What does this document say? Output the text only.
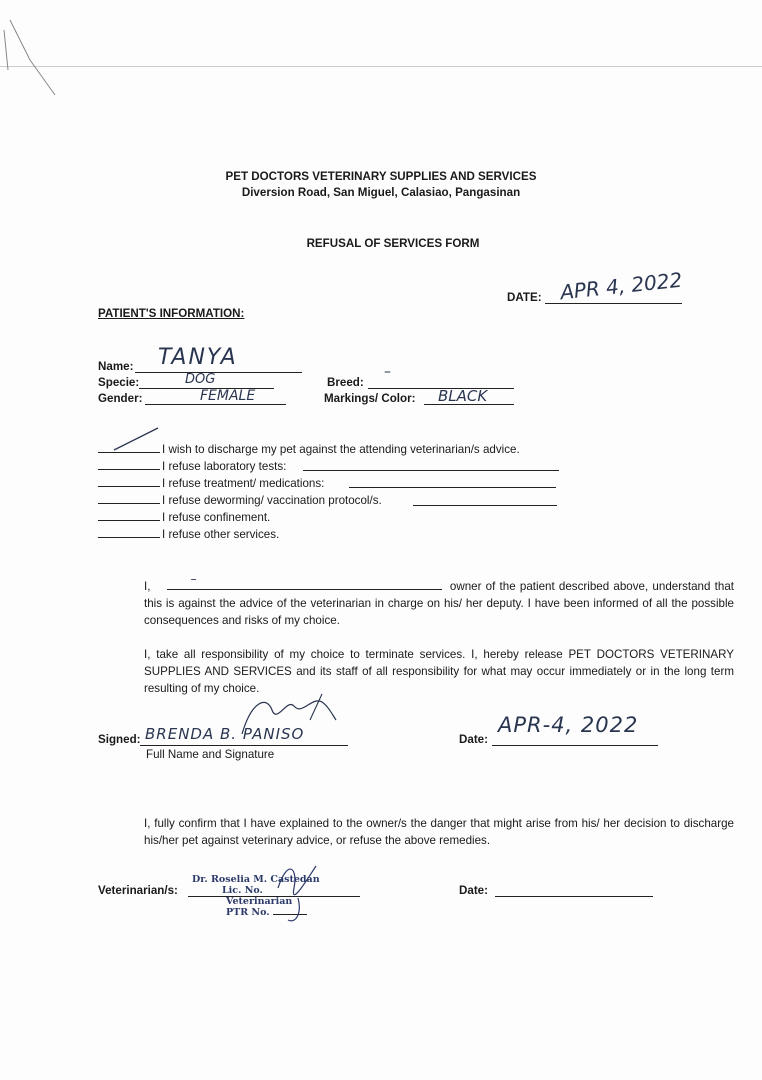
PET DOCTORS VETERINARY SUPPLIES AND SERVICES
Diversion Road, San Miguel, Calasiao, Pangasinan
REFUSAL OF SERVICES FORM
DATE: APR 4, 2022
PATIENT'S INFORMATION:
Name: TANYA
Specie:	DOG
Gender:	FEMALE
Breed:
–
Markings/ Color: BLACK
I wish to discharge my pet against the attending veterinarian/s advice.
I refuse laboratory tests:
I refuse treatment/ medications:
I refuse deworming/ vaccination protocol/s.
I refuse confinement.
I refuse other services.
I,
–
owner of the patient described above, understand that this is against the advice of the veterinarian in charge on his/ her deputy. I have been informed of all the possible consequences and risks of my choice.
I, take all responsibility of my choice to terminate services. I, hereby release PET DOCTORS VETERINARY SUPPLIES AND SERVICES and its staff of all responsibility for what may occur immediately or in the long term resulting of my choice.
Signed: BRENDA B. PANISO
Full Name and Signature
Date:
APR-4, 2022
I, fully confirm that I have explained to the owner/s the danger that might arise from his/ her decision to discharge his/her pet against veterinary advice, or refuse the above remedies.
Veterinarian/s:
Dr. Roselia M. Castedan
Lic. No.
Veterinarian
PTR No.
Date:
